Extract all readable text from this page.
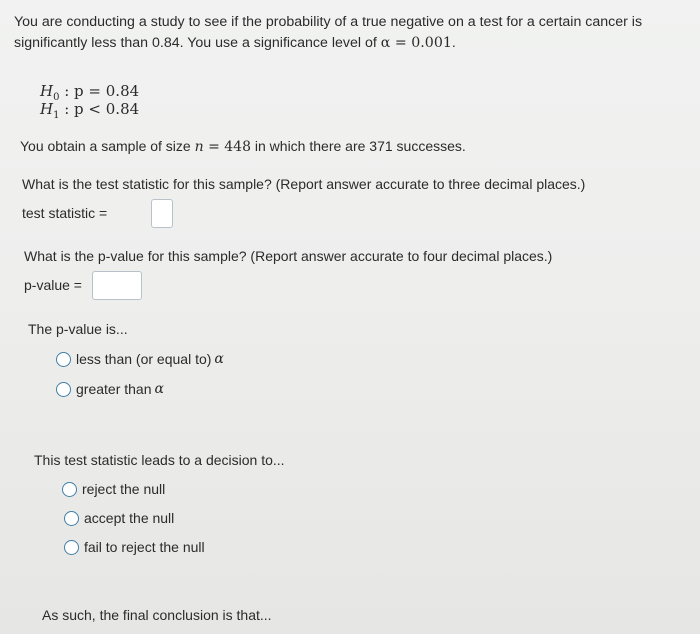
You are conducting a study to see if the probability of a true negative on a test for a certain cancer is significantly less than 0.84. You use a significance level of α = 0.001.
$H_0$ : p = 0.84
$H_1$ : p < 0.84
You obtain a sample of size n = 448 in which there are 371 successes.
What is the test statistic for this sample? (Report answer accurate to three decimal places.)
test statistic =
What is the p-value for this sample? (Report answer accurate to four decimal places.)
p-value =
The p-value is...
less than (or equal to) α
greater than α
This test statistic leads to a decision to...
reject the null
accept the null
fail to reject the null
As such, the final conclusion is that...
